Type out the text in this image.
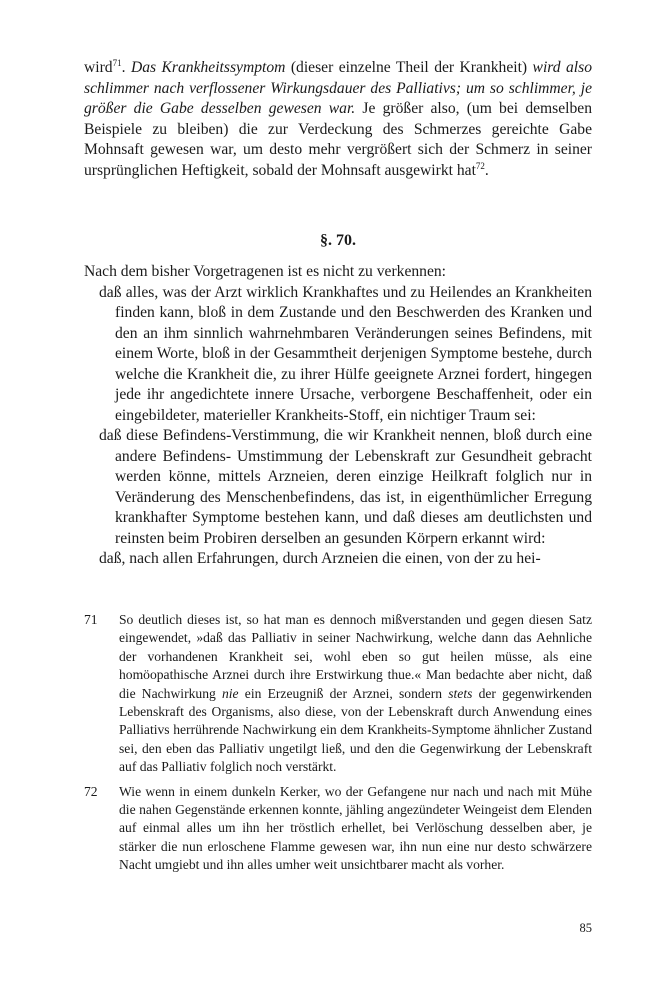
wird$^{71}$. Das Krankheitssymptom (dieser einzelne Theil der Krankheit) wird also schlimmer nach verflossener Wirkungsdauer des Palliativs; um so schlimmer, je größer die Gabe desselben gewesen war. Je größer also, (um bei demselben Beispiele zu bleiben) die zur Verdeckung des Schmerzes gereichte Gabe Mohnsaft gewesen war, um desto mehr vergrößert sich der Schmerz in seiner ursprünglichen Heftigkeit, sobald der Mohnsaft ausgewirkt hat$^{72}$.

§. 70.

Nach dem bisher Vorgetragenen ist es nicht zu verkennen:

daß alles, was der Arzt wirklich Krankhaftes und zu Heilendes an Krankheiten finden kann, bloß in dem Zustande und den Beschwerden des Kranken und den an ihm sinnlich wahrnehmbaren Veränderungen seines Befindens, mit einem Worte, bloß in der Gesammtheit derjenigen Symptome bestehe, durch welche die Krankheit die, zu ihrer Hülfe geeignete Arznei fordert, hingegen jede ihr angedichtete innere Ursache, verborgene Beschaffenheit, oder ein eingebildeter, materieller Krankheits-Stoff, ein nichtiger Traum sei:

daß diese Befindens-Verstimmung, die wir Krankheit nennen, bloß durch eine andere Befindens- Umstimmung der Lebenskraft zur Gesundheit gebracht werden könne, mittels Arzneien, deren einzige Heilkraft folglich nur in Veränderung des Menschenbefindens, das ist, in eigenthümlicher Erregung krankhafter Symptome bestehen kann, und daß dieses am deutlichsten und reinsten beim Probiren derselben an gesunden Körpern erkannt wird:

daß, nach allen Erfahrungen, durch Arzneien die einen, von der zu hei-

71 So deutlich dieses ist, so hat man es dennoch mißverstanden und gegen diesen Satz eingewendet, »daß das Palliativ in seiner Nachwirkung, welche dann das Aehnliche der vorhandenen Krankheit sei, wohl eben so gut heilen müsse, als eine homöopathische Arznei durch ihre Erstwirkung thue.« Man bedachte aber nicht, daß die Nachwirkung nie ein Erzeugniß der Arznei, sondern stets der gegenwirkenden Lebenskraft des Organisms, also diese, von der Lebenskraft durch Anwendung eines Palliativs herrührende Nachwirkung ein dem Krankheits-Symptome ähnlicher Zustand sei, den eben das Palliativ ungetilgt ließ, und den die Gegenwirkung der Lebenskraft auf das Palliativ folglich noch verstärkt.
72 Wie wenn in einem dunkeln Kerker, wo der Gefangene nur nach und nach mit Mühe die nahen Gegenstände erkennen konnte, jähling angezündeter Weingeist dem Elenden auf einmal alles um ihn her tröstlich erhellet, bei Verlöschung desselben aber, je stärker die nun erloschene Flamme gewesen war, ihn nun eine nur desto schwärzere Nacht umgiebt und ihn alles umher weit unsichtbarer macht als vorher.
85
